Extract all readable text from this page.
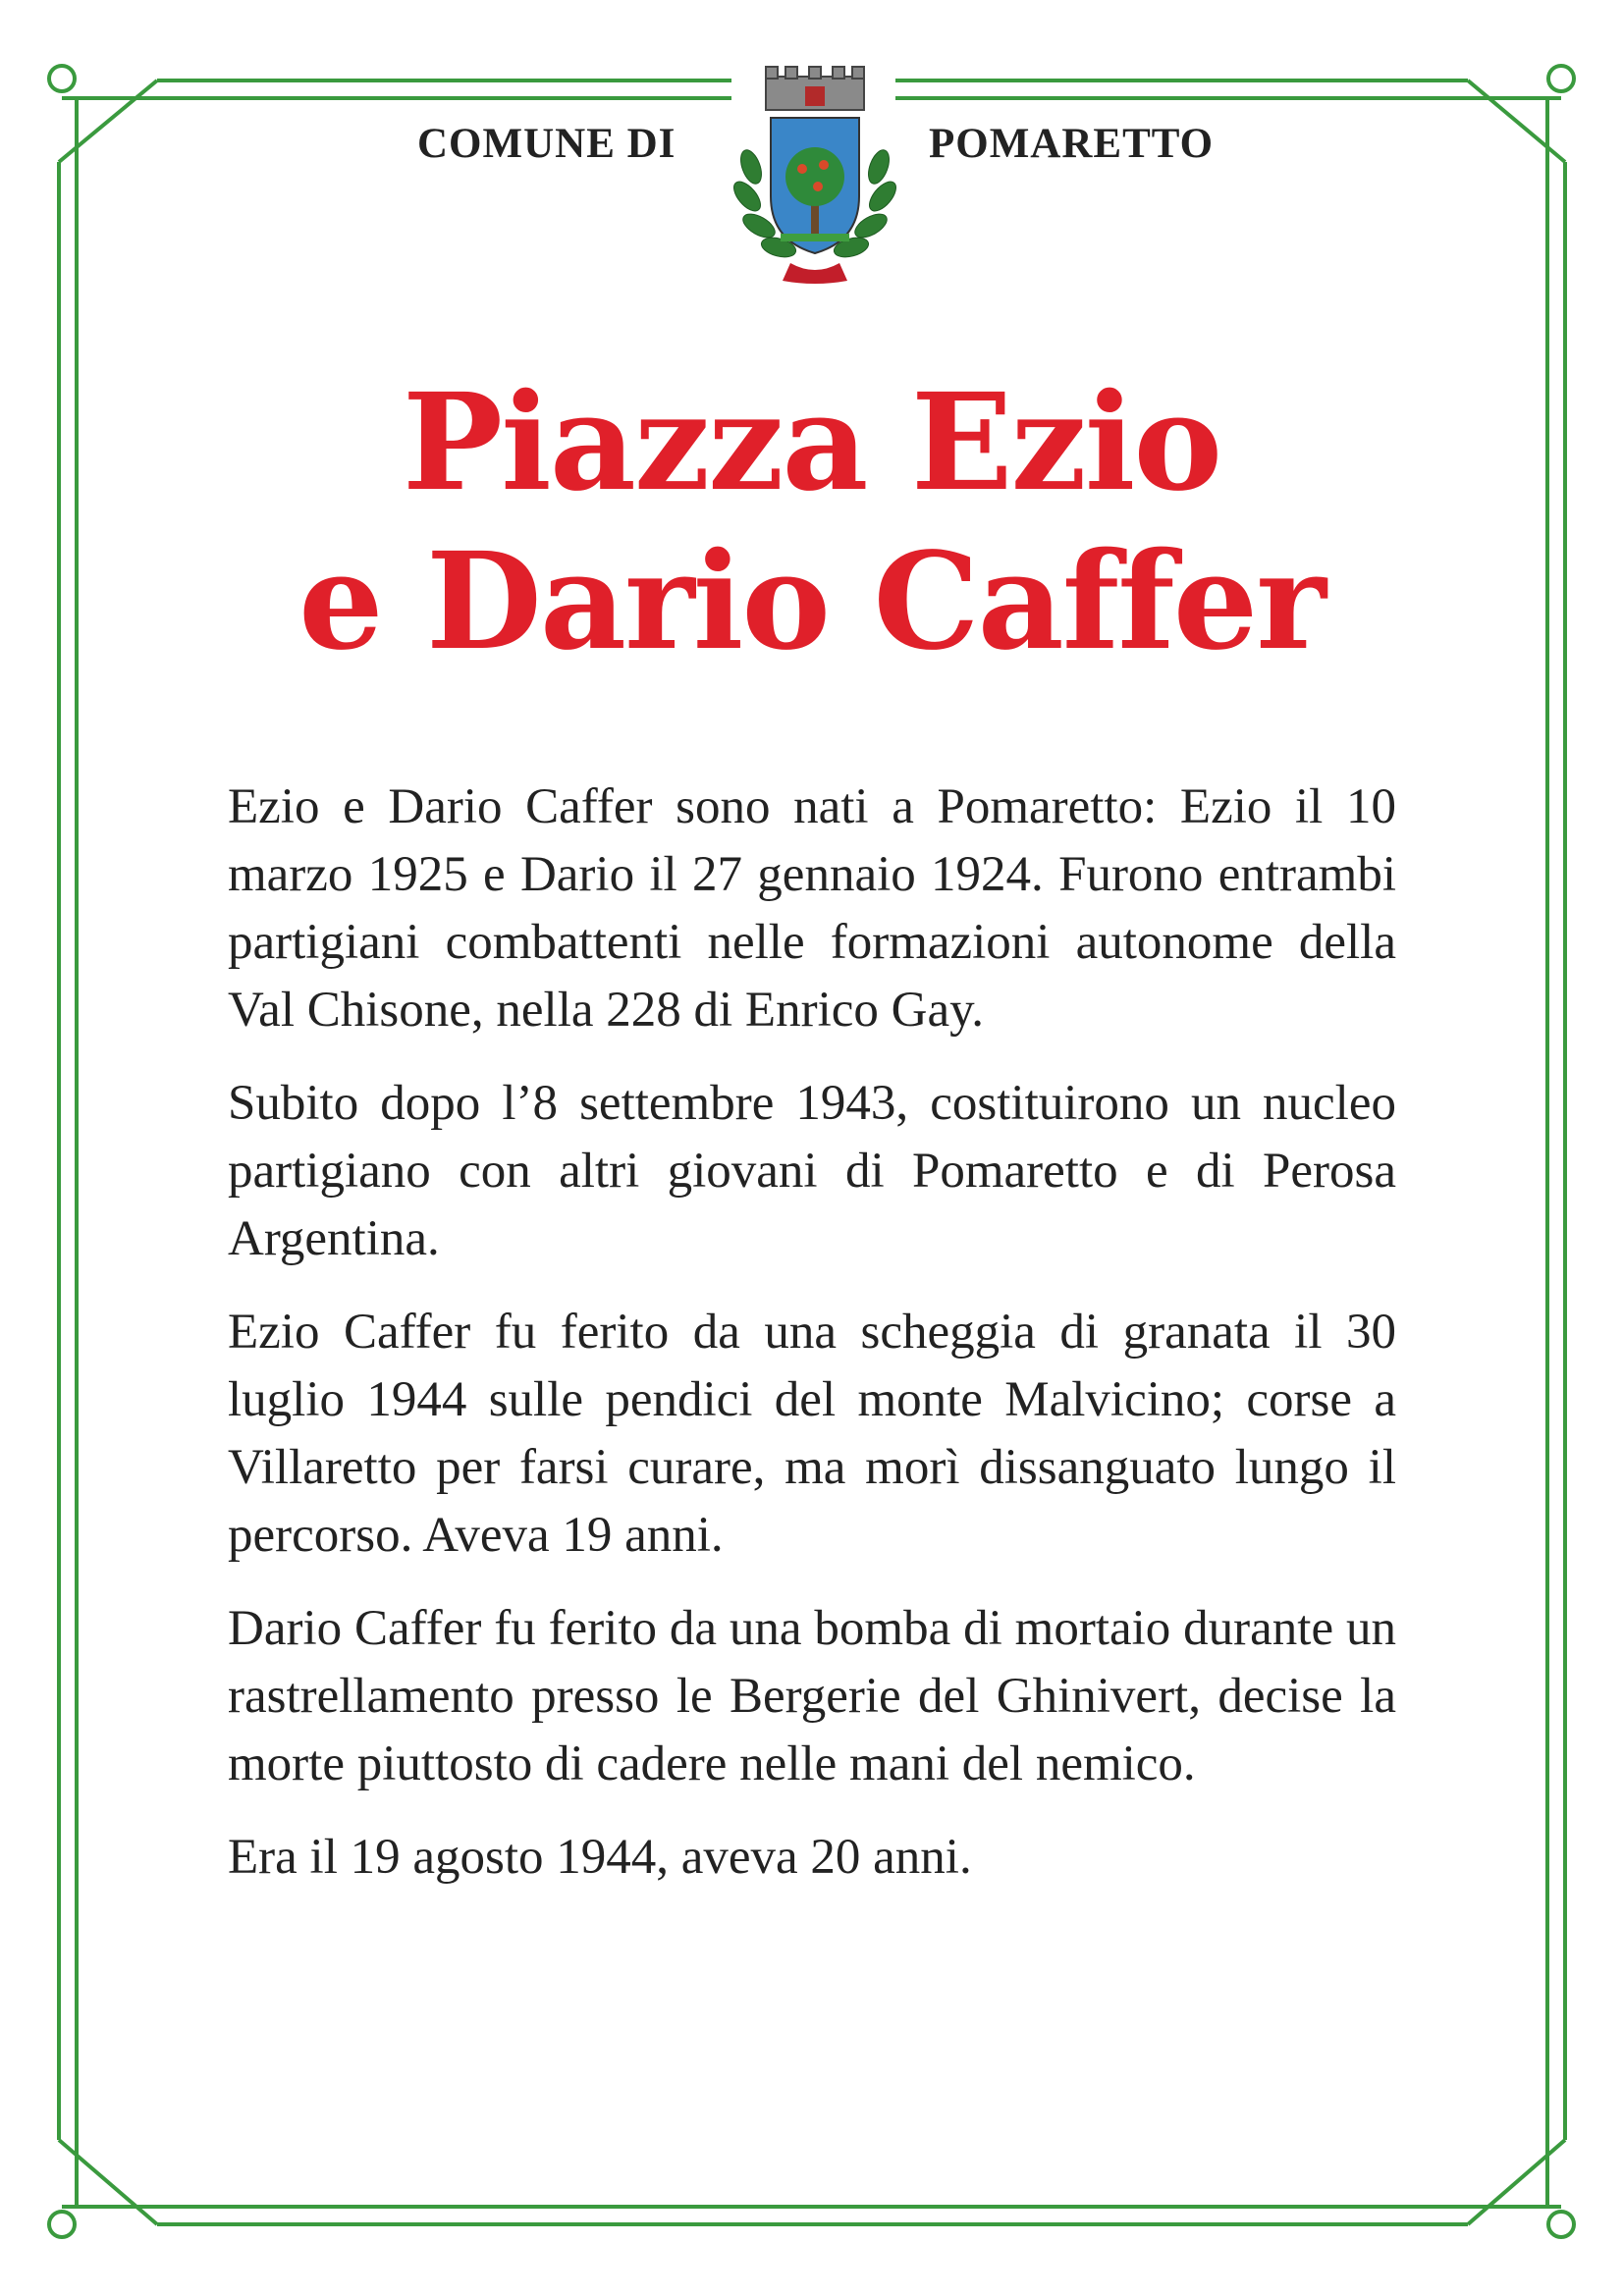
COMUNE DI	POMARETTO
Piazza Ezio
e Dario Caffer

Ezio e Dario Caffer sono nati a Pomaretto: Ezio il 10 marzo 1925 e Dario il 27 gennaio 1924. Furono entrambi partigiani combattenti nelle formazioni autonome della Val Chisone, nella 228 di Enrico Gay.

Subito dopo l’8 settembre 1943, costituirono un nucleo partigiano con altri giovani di Pomaretto e di Perosa Argentina.

Ezio Caffer fu ferito da una scheggia di granata il 30 luglio 1944 sulle pendici del monte Malvicino; corse a Villaretto per farsi curare, ma morì dissanguato lungo il percorso. Aveva 19 anni.

Dario Caffer fu ferito da una bomba di mortaio durante un rastrellamento presso le Bergerie del Ghinivert, decise la morte piuttosto di cadere nelle mani del nemico.

Era il 19 agosto 1944, aveva 20 anni.
